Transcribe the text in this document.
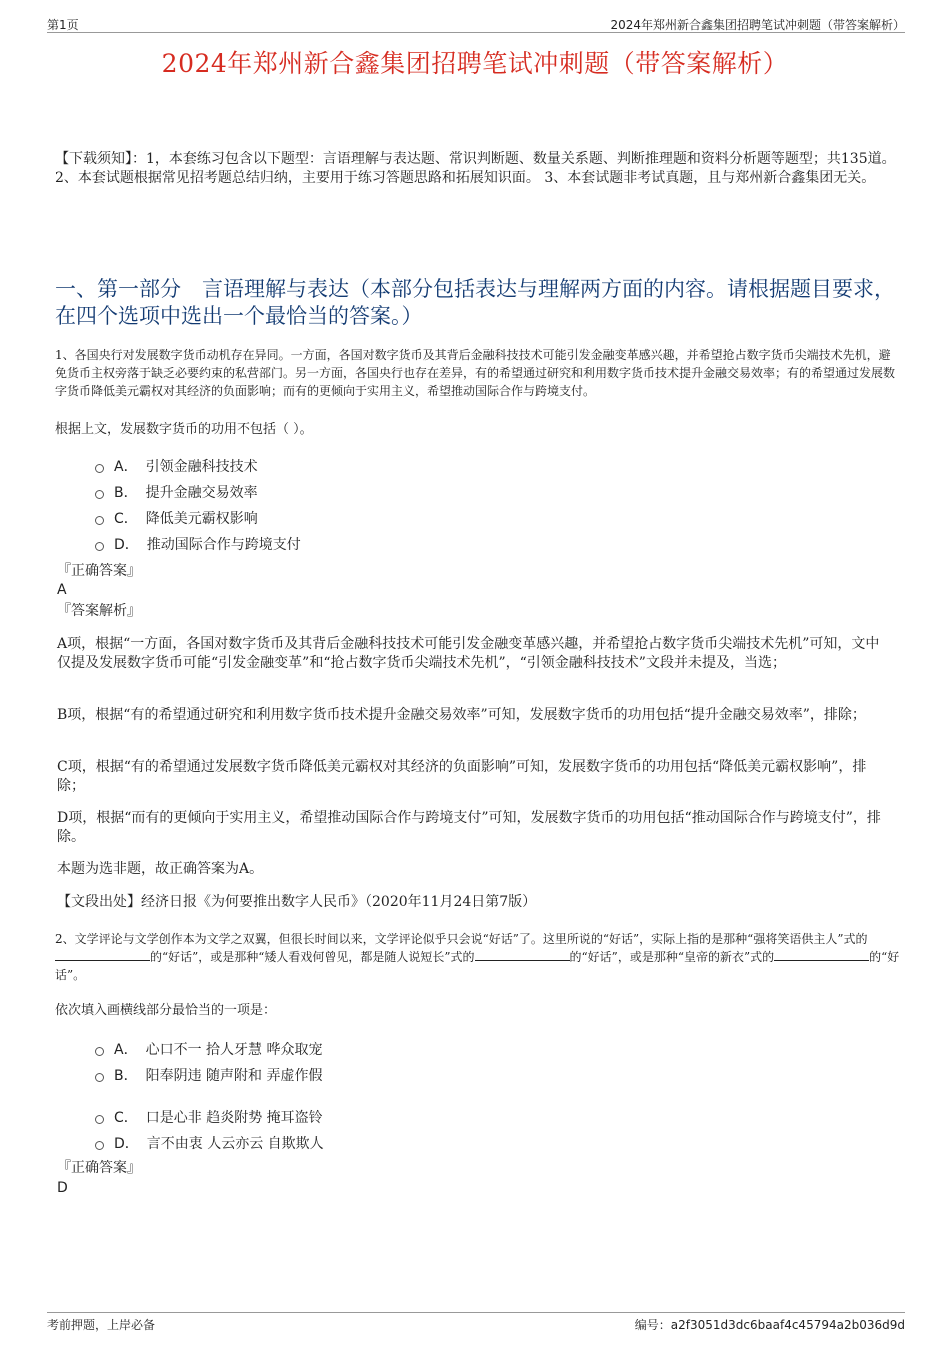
第1页	2024年郑州新合鑫集团招聘笔试冲刺题（带答案解析）
2024年郑州新合鑫集团招聘笔试冲刺题（带答案解析）
【下载须知】：1，本套练习包含以下题型：言语理解与表达题、常识判断题、数量关系题、判断推理题和资料分析题等题型；共135道。 2、本套试题根据常见招考题总结归纳，主要用于练习答题思路和拓展知识面。 3、本套试题非考试真题，且与郑州新合鑫集团无关。
一、第一部分　言语理解与表达（本部分包括表达与理解两方面的内容。请根据题目要求，在四个选项中选出一个最恰当的答案。）
1、各国央行对发展数字货币动机存在异同。一方面，各国对数字货币及其背后金融科技技术可能引发金融变革感兴趣，并希望抢占数字货币尖端技术先机，避免货币主权旁落于缺乏必要约束的私营部门。另一方面，各国央行也存在差异，有的希望通过研究和利用数字货币技术提升金融交易效率；有的希望通过发展数字货币降低美元霸权对其经济的负面影响；而有的更倾向于实用主义，希望推动国际合作与跨境支付。
根据上文，发展数字货币的功用不包括（ ）。
A． 引领金融科技技术
B． 提升金融交易效率
C． 降低美元霸权影响
D． 推动国际合作与跨境支付
『正确答案』
A
『答案解析』
A项，根据“一方面，各国对数字货币及其背后金融科技技术可能引发金融变革感兴趣，并希望抢占数字货币尖端技术先机”可知，文中仅提及发展数字货币可能“引发金融变革”和“抢占数字货币尖端技术先机”，“引领金融科技技术”文段并未提及，当选；
B项，根据“有的希望通过研究和利用数字货币技术提升金融交易效率”可知，发展数字货币的功用包括“提升金融交易效率”，排除；
C项，根据“有的希望通过发展数字货币降低美元霸权对其经济的负面影响”可知，发展数字货币的功用包括“降低美元霸权影响”，排除；
D项，根据“而有的更倾向于实用主义，希望推动国际合作与跨境支付”可知，发展数字货币的功用包括“推动国际合作与跨境支付”，排除。
本题为选非题，故正确答案为A。
【文段出处】经济日报《为何要推出数字人民币》（2020年11月24日第7版）
2、文学评论与文学创作本为文学之双翼，但很长时间以来，文学评论似乎只会说“好话”了。这里所说的“好话”，实际上指的是那种“强将笑语供主人”式的的“好话”，或是那种“矮人看戏何曾见，都是随人说短长”式的	的“好话”，或是那种“皇帝的新衣”式的	的“好话”。
依次填入画横线部分最恰当的一项是：
A． 心口不一 拾人牙慧 哗众取宠
B． 阳奉阴违 随声附和 弄虚作假
C． 口是心非 趋炎附势 掩耳盗铃
D． 言不由衷 人云亦云 自欺欺人
『正确答案』
D
考前押题，上岸必备	编号：a2f3051d3dc6baaf4c45794a2b036d9d
